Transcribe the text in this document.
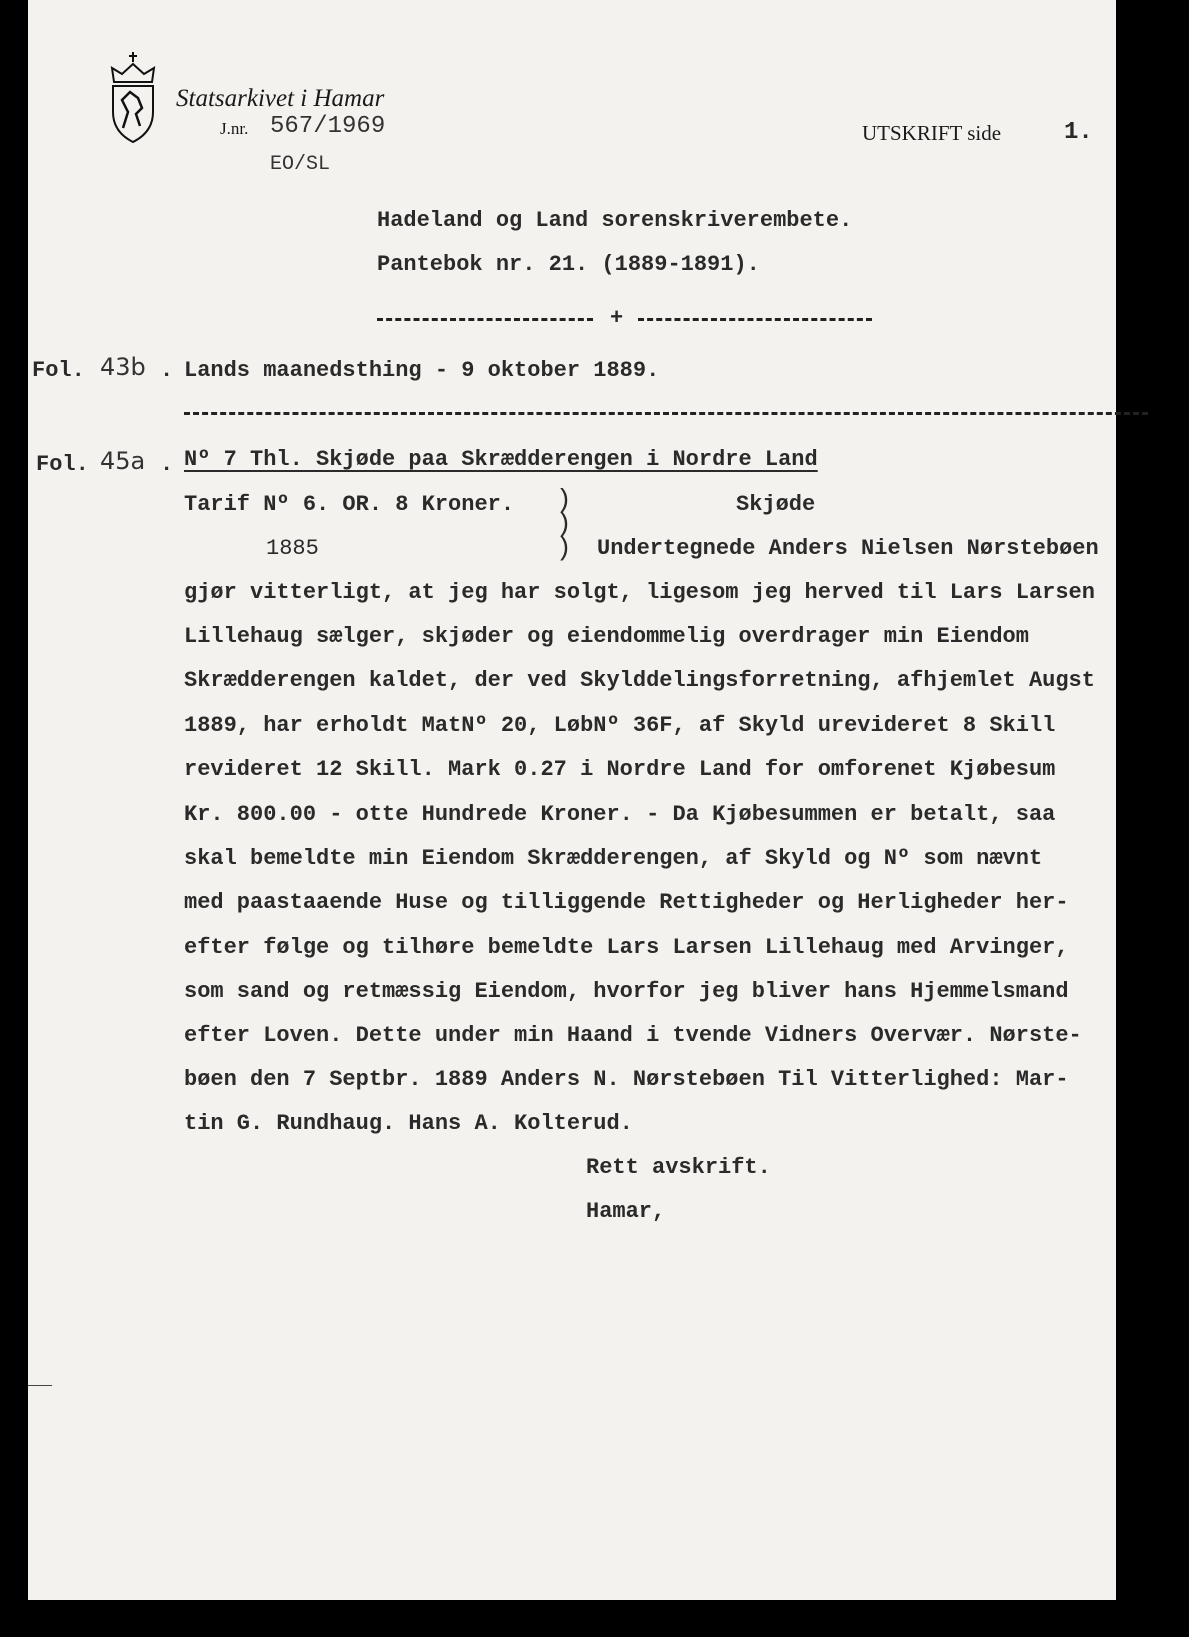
Statsarkivet i Hamar
J.nr. 567/1969
EO/SL
UTSKRIFT side	1.
Hadeland og Land sorenskriverembete.
Pantebok nr. 21. (1889-1891).
+
Fol. 43b . Lands maanedsthing - 9 oktober 1889.
Fol. 45a . Nº 7 Thl. Skjøde paa Skrædderengen i Nordre Land
Tarif Nº 6. OR. 8 Kroner.
1885
)
)
)
Skjøde
Undertegnede Anders Nielsen Nørstebøen
gjør vitterligt, at jeg har solgt, ligesom jeg herved til Lars Larsen
Lillehaug sælger, skjøder og eiendommelig overdrager min Eiendom
Skrædderengen kaldet, der ved Skylddelingsforretning, afhjemlet Augst
1889, har erholdt MatNº 20, LøbNº 36F, af Skyld urevideret 8 Skill
revideret 12 Skill. Mark 0.27 i Nordre Land for omforenet Kjøbesum
Kr. 800.00 - otte Hundrede Kroner. - Da Kjøbesummen er betalt, saa
skal bemeldte min Eiendom Skrædderengen, af Skyld og Nº som nævnt
med paastaaende Huse og tilliggende Rettigheder og Herligheder her-
efter følge og tilhøre bemeldte Lars Larsen Lillehaug med Arvinger,
som sand og retmæssig Eiendom, hvorfor jeg bliver hans Hjemmelsmand
efter Loven. Dette under min Haand i tvende Vidners Overvær. Nørste-
bøen den 7 Septbr. 1889 Anders N. Nørstebøen Til Vitterlighed: Mar-
tin G. Rundhaug. Hans A. Kolterud.
Rett avskrift.
Hamar,
